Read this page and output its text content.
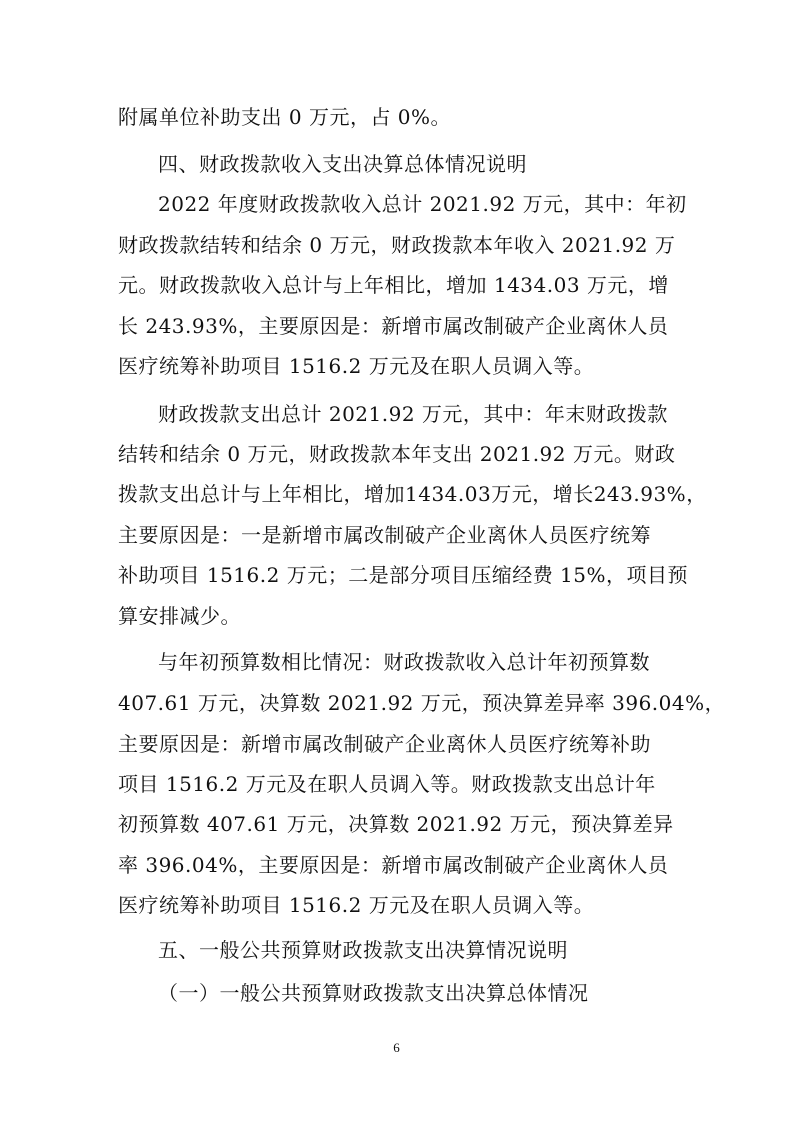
附属单位补助支出 0 万元，占 0%。
四、财政拨款收入支出决算总体情况说明
2022 年度财政拨款收入总计 2021.92 万元，其中：年初
财政拨款结转和结余 0 万元，财政拨款本年收入 2021.92 万
元。财政拨款收入总计与上年相比，增加 1434.03 万元，增
长 243.93%，主要原因是：新增市属改制破产企业离休人员
医疗统筹补助项目 1516.2 万元及在职人员调入等。
财政拨款支出总计 2021.92 万元，其中：年末财政拨款
结转和结余 0 万元，财政拨款本年支出 2021.92 万元。财政
拨款支出总计与上年相比，增加1434.03万元，增长243.93%，
主要原因是：一是新增市属改制破产企业离休人员医疗统筹
补助项目 1516.2 万元；二是部分项目压缩经费 15%，项目预
算安排减少。
与年初预算数相比情况：财政拨款收入总计年初预算数
407.61 万元，决算数 2021.92 万元，预决算差异率 396.04%，
主要原因是：新增市属改制破产企业离休人员医疗统筹补助
项目 1516.2 万元及在职人员调入等。财政拨款支出总计年
初预算数 407.61 万元，决算数 2021.92 万元，预决算差异
率 396.04%，主要原因是：新增市属改制破产企业离休人员
医疗统筹补助项目 1516.2 万元及在职人员调入等。
五、一般公共预算财政拨款支出决算情况说明
（一）一般公共预算财政拨款支出决算总体情况
6
